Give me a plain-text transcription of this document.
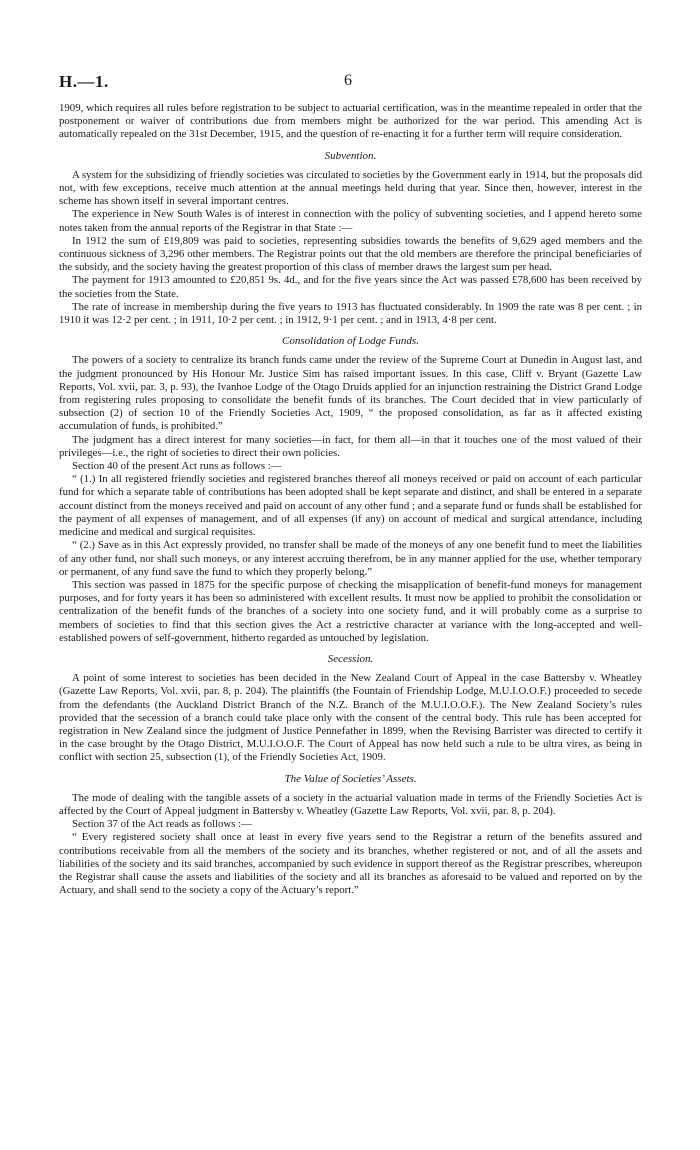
H.—1.	6

1909, which requires all rules before registration to be subject to actuarial certification, was in the meantime repealed in order that the postponement or waiver of contributions due from members might be authorized for the war period. This amending Act is automatically repealed on the 31st December, 1915, and the question of re-enacting it for a further term will require consideration.

Subvention.

A system for the subsidizing of friendly societies was circulated to societies by the Government early in 1914, but the proposals did not, with few exceptions, receive much attention at the annual meetings held during that year. Since then, however, interest in the scheme has shown itself in several important centres.

The experience in New South Wales is of interest in connection with the policy of subventing societies, and I append hereto some notes taken from the annual reports of the Registrar in that State :—

In 1912 the sum of £19,809 was paid to societies, representing subsidies towards the benefits of 9,629 aged members and the continuous sickness of 3,296 other members. The Registrar points out that the old members are therefore the principal beneficiaries of the subsidy, and the society having the greatest proportion of this class of member draws the largest sum per head.

The payment for 1913 amounted to £20,851 9s. 4d., and for the five years since the Act was passed £78,600 has been received by the societies from the State.

The rate of increase in membership during the five years to 1913 has fluctuated considerably. In 1909 the rate was 8 per cent. ; in 1910 it was 12·2 per cent. ; in 1911, 10·2 per cent. ; in 1912, 9·1 per cent. ; and in 1913, 4·8 per cent.

Consolidation of Lodge Funds.

The powers of a society to centralize its branch funds came under the review of the Supreme Court at Dunedin in August last, and the judgment pronounced by His Honour Mr. Justice Sim has raised important issues. In this case, Cliff v. Bryant (Gazette Law Reports, Vol. xvii, par. 3, p. 93), the Ivanhoe Lodge of the Otago Druids applied for an injunction restraining the District Grand Lodge from registering rules proposing to consolidate the benefit funds of its branches. The Court decided that in view particularly of subsection (2) of section 10 of the Friendly Societies Act, 1909, “ the proposed consolidation, as far as it affected existing accumulation of funds, is prohibited.”

The judgment has a direct interest for many societies—in fact, for them all—in that it touches one of the most valued of their privileges—i.e., the right of societies to direct their own policies.

Section 40 of the present Act runs as follows :—

“ (1.) In all registered friendly societies and registered branches thereof all moneys received or paid on account of each particular fund for which a separate table of contributions has been adopted shall be kept separate and distinct, and shall be entered in a separate account distinct from the moneys received and paid on account of any other fund ; and a separate fund or funds shall be established for the payment of all expenses of management, and of all expenses (if any) on account of medical and surgical attendance, including medicine and medical and surgical requisites.

“ (2.) Save as in this Act expressly provided, no transfer shall be made of the moneys of any one benefit fund to meet the liabilities of any other fund, nor shall such moneys, or any interest accruing therefrom, be in any manner applied for the use, whether temporary or permanent, of any fund save the fund to which they properly belong.”

This section was passed in 1875 for the specific purpose of checking the misapplication of benefit-fund moneys for management purposes, and for forty years it has been so administered with excellent results. It must now be applied to prohibit the consolidation or centralization of the benefit funds of the branches of a society into one society fund, and it will probably come as a surprise to members of societies to find that this section gives the Act a restrictive character at variance with the long-accepted and well-established powers of self-government, hitherto regarded as untouched by legislation.

Secession.

A point of some interest to societies has been decided in the New Zealand Court of Appeal in the case Battersby v. Wheatley (Gazette Law Reports, Vol. xvii, par. 8, p. 204). The plaintiffs (the Fountain of Friendship Lodge, M.U.I.O.O.F.) proceeded to secede from the defendants (the Auckland District Branch of the N.Z. Branch of the M.U.I.O.O.F.). The New Zealand Society’s rules provided that the secession of a branch could take place only with the consent of the central body. This rule has been accepted for registration in New Zealand since the judgment of Justice Pennefather in 1899, when the Revising Barrister was directed to certify it in the case brought by the Otago District, M.U.I.O.O.F. The Court of Appeal has now held such a rule to be ultra vires, as being in conflict with section 25, subsection (1), of the Friendly Societies Act, 1909.

The Value of Societies’ Assets.

The mode of dealing with the tangible assets of a society in the actuarial valuation made in terms of the Friendly Societies Act is affected by the Court of Appeal judgment in Battersby v. Wheatley (Gazette Law Reports, Vol. xvii, par. 8, p. 204).

Section 37 of the Act reads as follows :—

“ Every registered society shall once at least in every five years send to the Registrar a return of the benefits assured and contributions receivable from all the members of the society and its branches, whether registered or not, and of all the assets and liabilities of the society and its said branches, accompanied by such evidence in support thereof as the Registrar prescribes, whereupon the Registrar shall cause the assets and liabilities of the society and all its branches as aforesaid to be valued and reported on by the Actuary, and shall send to the society a copy of the Actuary’s report.”
